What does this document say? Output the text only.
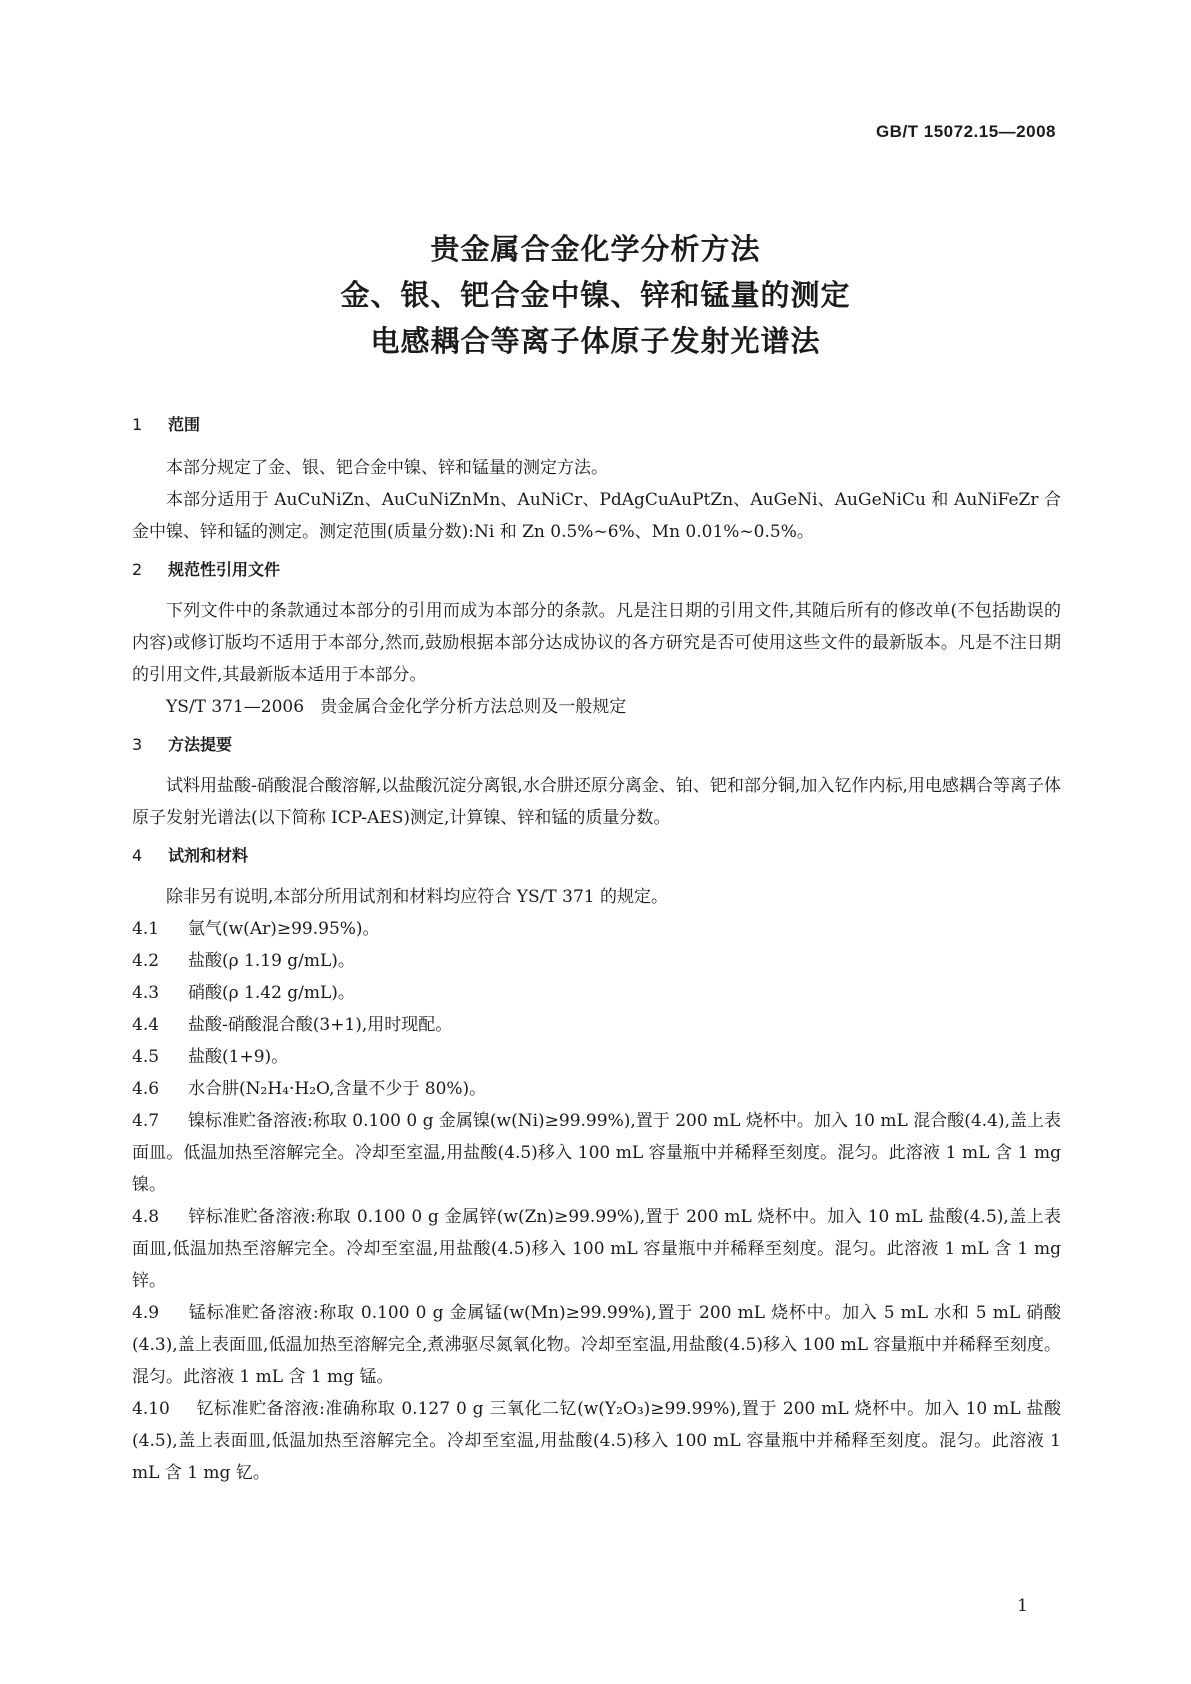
GB/T 15072.15—2008
贵金属合金化学分析方法
金、银、钯合金中镍、锌和锰量的测定
电感耦合等离子体原子发射光谱法
1 范围
本部分规定了金、银、钯合金中镍、锌和锰量的测定方法。
本部分适用于 AuCuNiZn、AuCuNiZnMn、AuNiCr、PdAgCuAuPtZn、AuGeNi、AuGeNiCu 和 AuNiFeZr 合金中镍、锌和锰的测定。测定范围(质量分数):Ni 和 Zn 0.5%~6%、Mn 0.01%~0.5%。
2 规范性引用文件
下列文件中的条款通过本部分的引用而成为本部分的条款。凡是注日期的引用文件,其随后所有的修改单(不包括勘误的内容)或修订版均不适用于本部分,然而,鼓励根据本部分达成协议的各方研究是否可使用这些文件的最新版本。凡是不注日期的引用文件,其最新版本适用于本部分。
YS/T 371—2006   贵金属合金化学分析方法总则及一般规定
3 方法提要
试料用盐酸-硝酸混合酸溶解,以盐酸沉淀分离银,水合肼还原分离金、铂、钯和部分铜,加入钇作内标,用电感耦合等离子体原子发射光谱法(以下简称 ICP-AES)测定,计算镍、锌和锰的质量分数。
4 试剂和材料
除非另有说明,本部分所用试剂和材料均应符合 YS/T 371 的规定。
4.1 氩气(w(Ar)≥99.95%)。
4.2 盐酸(ρ 1.19 g/mL)。
4.3 硝酸(ρ 1.42 g/mL)。
4.4 盐酸-硝酸混合酸(3+1),用时现配。
4.5 盐酸(1+9)。
4.6 水合肼(N₂H₄·H₂O,含量不少于 80%)。
4.7 镍标准贮备溶液:称取 0.100 0 g 金属镍(w(Ni)≥99.99%),置于 200 mL 烧杯中。加入 10 mL 混合酸(4.4),盖上表面皿。低温加热至溶解完全。冷却至室温,用盐酸(4.5)移入 100 mL 容量瓶中并稀释至刻度。混匀。此溶液 1 mL 含 1 mg 镍。
4.8 锌标准贮备溶液:称取 0.100 0 g 金属锌(w(Zn)≥99.99%),置于 200 mL 烧杯中。加入 10 mL 盐酸(4.5),盖上表面皿,低温加热至溶解完全。冷却至室温,用盐酸(4.5)移入 100 mL 容量瓶中并稀释至刻度。混匀。此溶液 1 mL 含 1 mg 锌。
4.9 锰标准贮备溶液:称取 0.100 0 g 金属锰(w(Mn)≥99.99%),置于 200 mL 烧杯中。加入 5 mL 水和 5 mL 硝酸(4.3),盖上表面皿,低温加热至溶解完全,煮沸驱尽氮氧化物。冷却至室温,用盐酸(4.5)移入 100 mL 容量瓶中并稀释至刻度。混匀。此溶液 1 mL 含 1 mg 锰。
4.10 钇标准贮备溶液:准确称取 0.127 0 g 三氧化二钇(w(Y₂O₃)≥99.99%),置于 200 mL 烧杯中。加入 10 mL 盐酸(4.5),盖上表面皿,低温加热至溶解完全。冷却至室温,用盐酸(4.5)移入 100 mL 容量瓶中并稀释至刻度。混匀。此溶液 1 mL 含 1 mg 钇。
1
